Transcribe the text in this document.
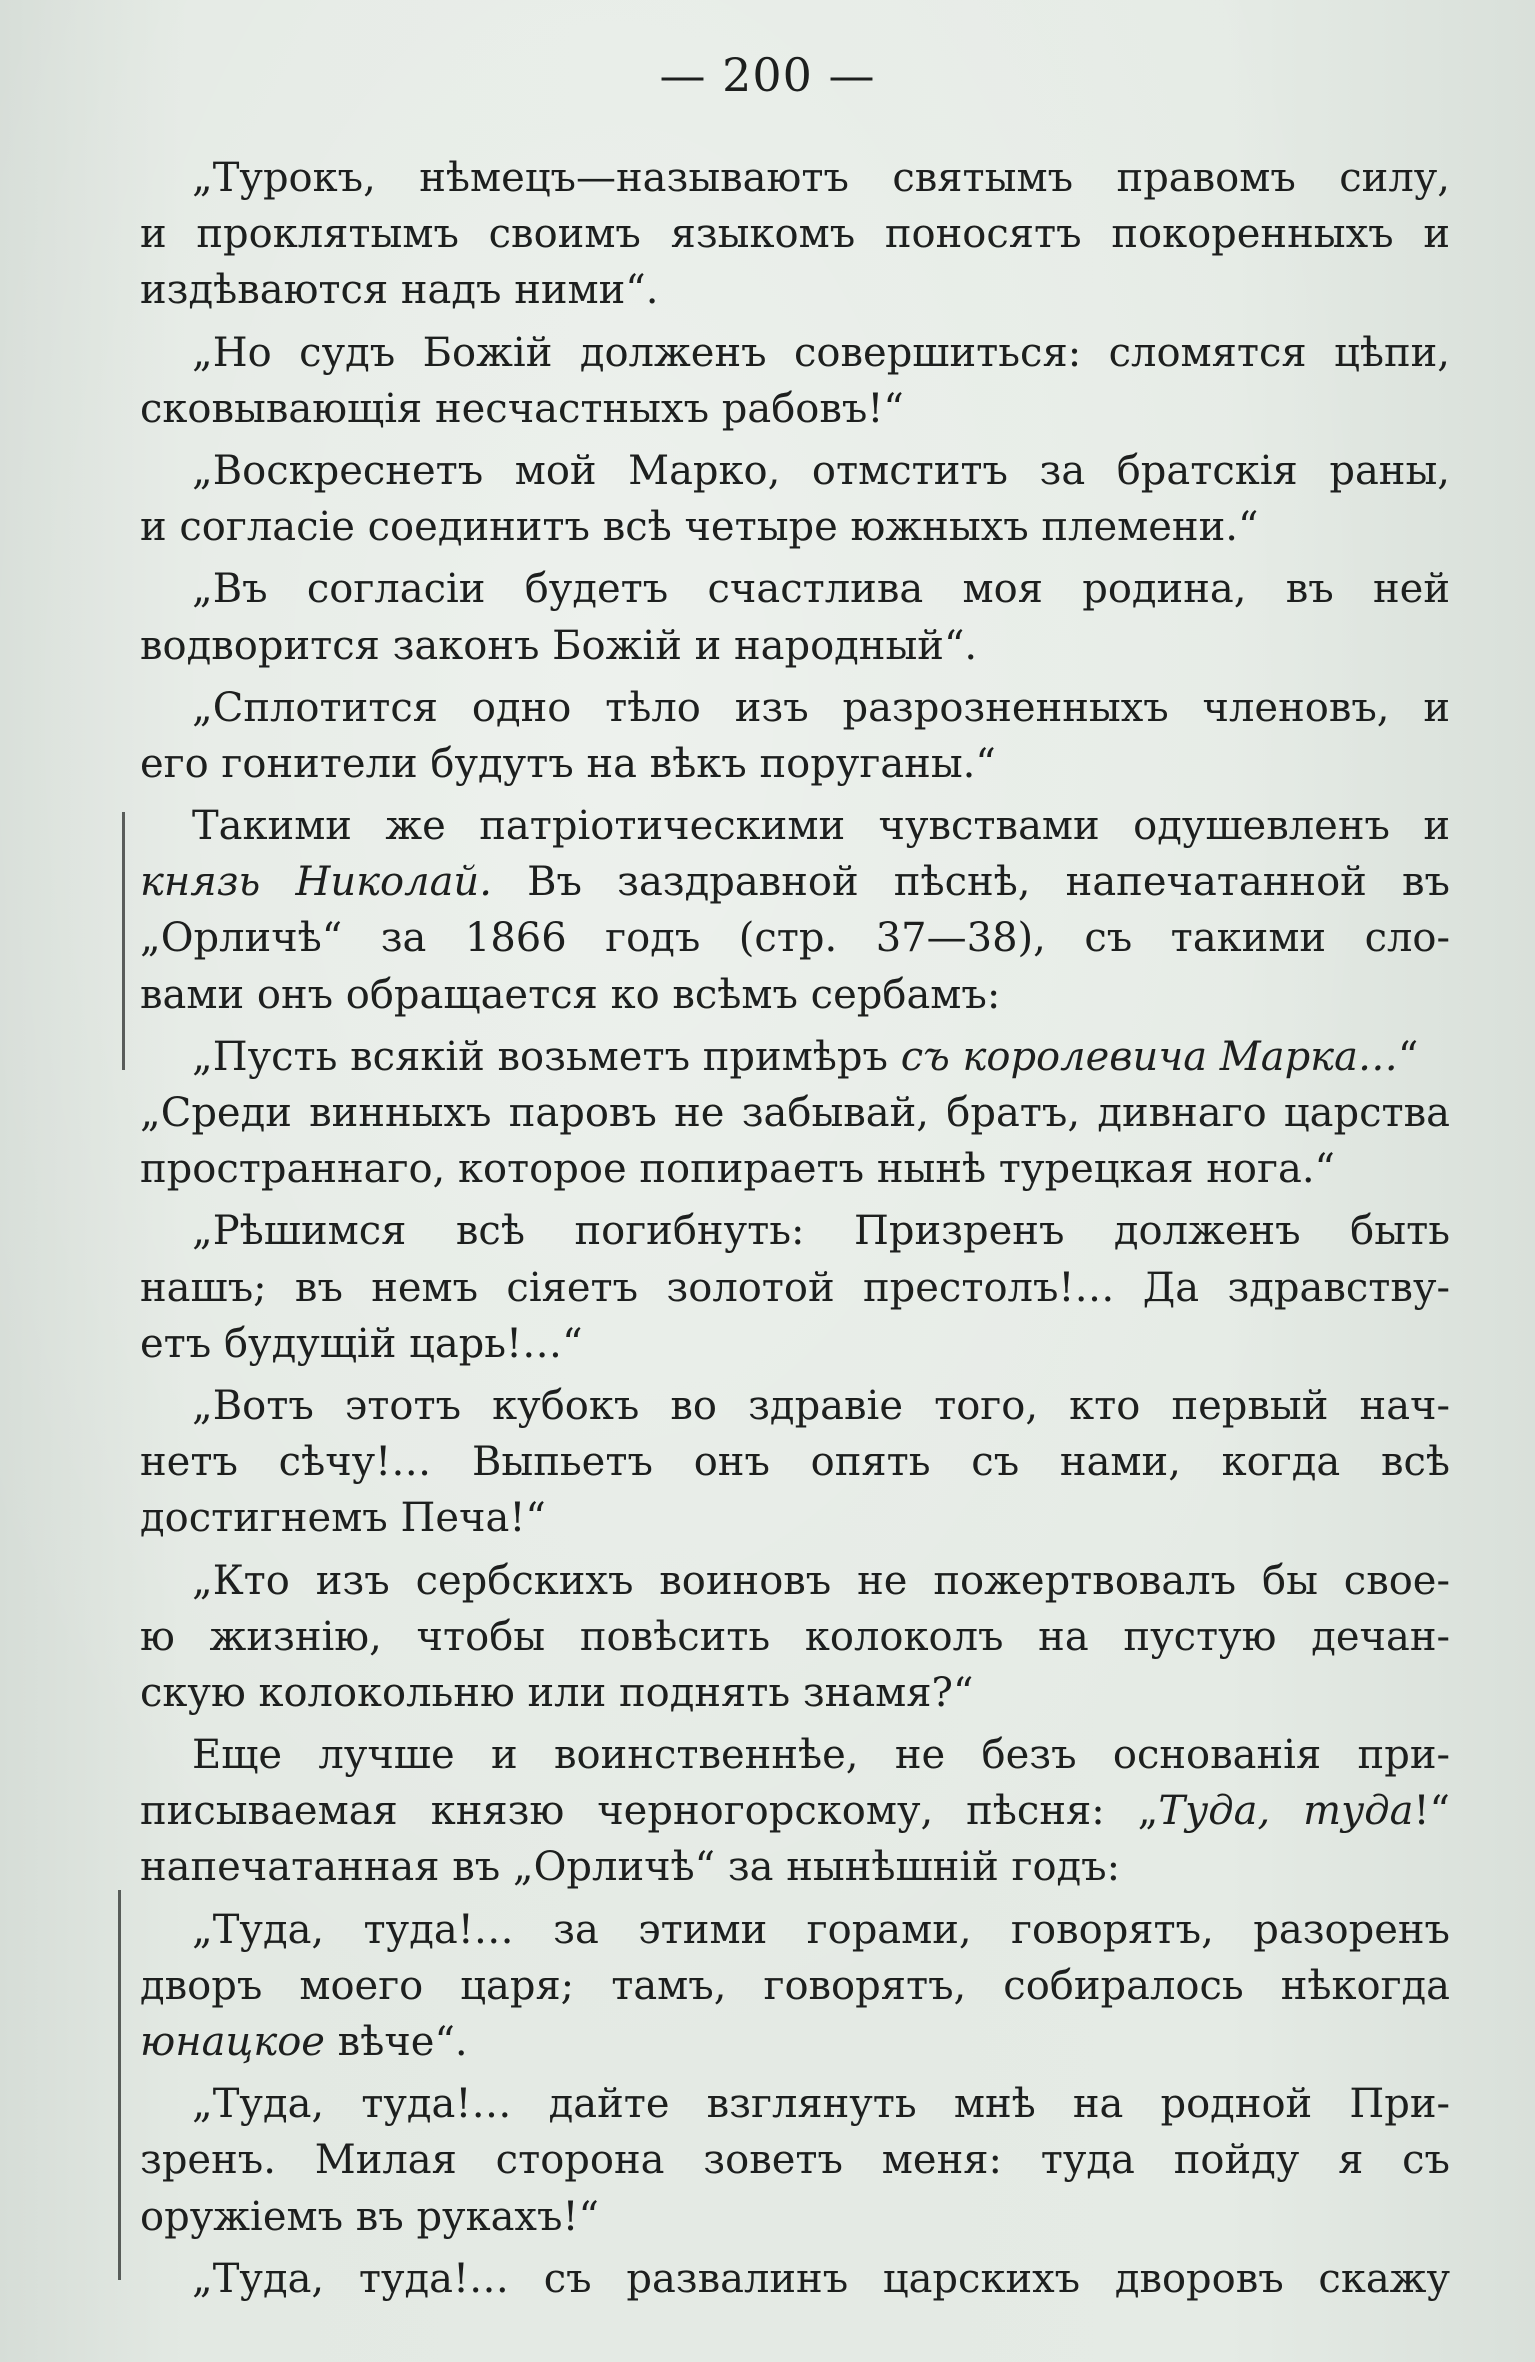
— 200 —
„Турокъ, нѣмецъ—называютъ святымъ правомъ силу,
и проклятымъ своимъ языкомъ поносятъ покоренныхъ и
издѣваются надъ ними“.
„Но судъ Божій долженъ совершиться: сломятся цѣпи,
сковывающія несчастныхъ рабовъ!“
„Воскреснетъ мой Марко, отмститъ за братскія раны,
и согласіе соединитъ всѣ четыре южныхъ племени.“
„Въ согласіи будетъ счастлива моя родина, въ ней
водворится законъ Божій и народный“.
„Сплотится одно тѣло изъ разрозненныхъ членовъ, и
его гонители будутъ на вѣкъ поруганы.“
Такими же патріотическими чувствами одушевленъ и
князь Николай. Въ заздравной пѣснѣ, напечатанной въ
„Орличѣ“ за 1866 годъ (стр. 37—38), съ такими сло-
вами онъ обращается ко всѣмъ сербамъ:
„Пусть всякій возьметъ примѣръ съ королевича Марка…“
„Среди винныхъ паровъ не забывай, братъ, дивнаго царства
пространнаго, которое попираетъ нынѣ турецкая нога.“
„Рѣшимся всѣ погибнуть: Призренъ долженъ быть
нашъ; въ немъ сіяетъ золотой престолъ!… Да здравству-
етъ будущій царь!…“
„Вотъ этотъ кубокъ во здравіе того, кто первый нач-
нетъ сѣчу!… Выпьетъ онъ опять съ нами, когда всѣ
достигнемъ Печа!“
„Кто изъ сербскихъ воиновъ не пожертвовалъ бы свое-
ю жизнію, чтобы повѣсить колоколъ на пустую дечан-
скую колокольню или поднять знамя?“
Еще лучше и воинственнѣе, не безъ основанія при-
писываемая князю черногорскому, пѣсня: „Туда, туда!“
напечатанная въ „Орличѣ“ за нынѣшній годъ:
„Туда, туда!… за этими горами, говорятъ, разоренъ
дворъ моего царя; тамъ, говорятъ, собиралось нѣкогда
юнацкое вѣче“.
„Туда, туда!… дайте взглянуть мнѣ на родной При-
зренъ. Милая сторона зоветъ меня: туда пойду я съ
оружіемъ въ рукахъ!“
„Туда, туда!… съ развалинъ царскихъ дворовъ скажу
